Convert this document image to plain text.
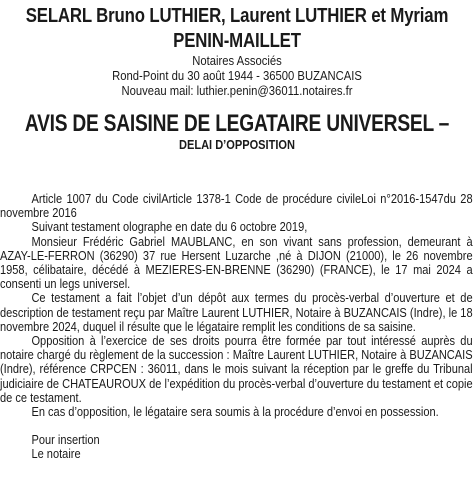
SELARL Bruno LUTHIER, Laurent LUTHIER et Myriam
PENIN-MAILLET
Notaires Associés
Rond-Point du 30 août 1944 - 36500 BUZANCAIS
Nouveau mail: luthier.penin@36011.notaires.fr
AVIS DE SAISINE DE LEGATAIRE UNIVERSEL –
DELAI D’OPPOSITION

Article 1007 du Code civilArticle 1378-1 Code de procédure civileLoi n°2016-1547du 28 novembre 2016

Suivant testament olographe en date du 6 octobre 2019,

Monsieur Frédéric Gabriel MAUBLANC, en son vivant sans profession, demeurant à AZAY-LE-FERRON (36290) 37 rue Hersent Luzarche ,né à DIJON (21000), le 26 novembre 1958, célibataire, décédé à MEZIERES-EN-BRENNE (36290) (FRANCE), le 17 mai 2024 a consenti un legs universel.

Ce testament a fait l’objet d’un dépôt aux termes du procès-verbal d’ouverture et de description de testament reçu par Maître Laurent LUTHIER, Notaire à BUZANCAIS (Indre), le 18 novembre 2024, duquel il résulte que le légataire remplit les conditions de sa saisine.

Opposition à l’exercice de ses droits pourra être formée par tout intéressé auprès du notaire chargé du règlement de la succession : Maître Laurent LUTHIER, Notaire à BUZANCAIS (Indre), référence CRPCEN : 36011, dans le mois suivant la réception par le greffe du Tribunal judiciaire de CHATEAUROUX de l’expédition du procès-verbal d’ouverture du testament et copie de ce testament.

En cas d’opposition, le légataire sera soumis à la procédure d’envoi en possession.

Pour insertion
Le notaire
